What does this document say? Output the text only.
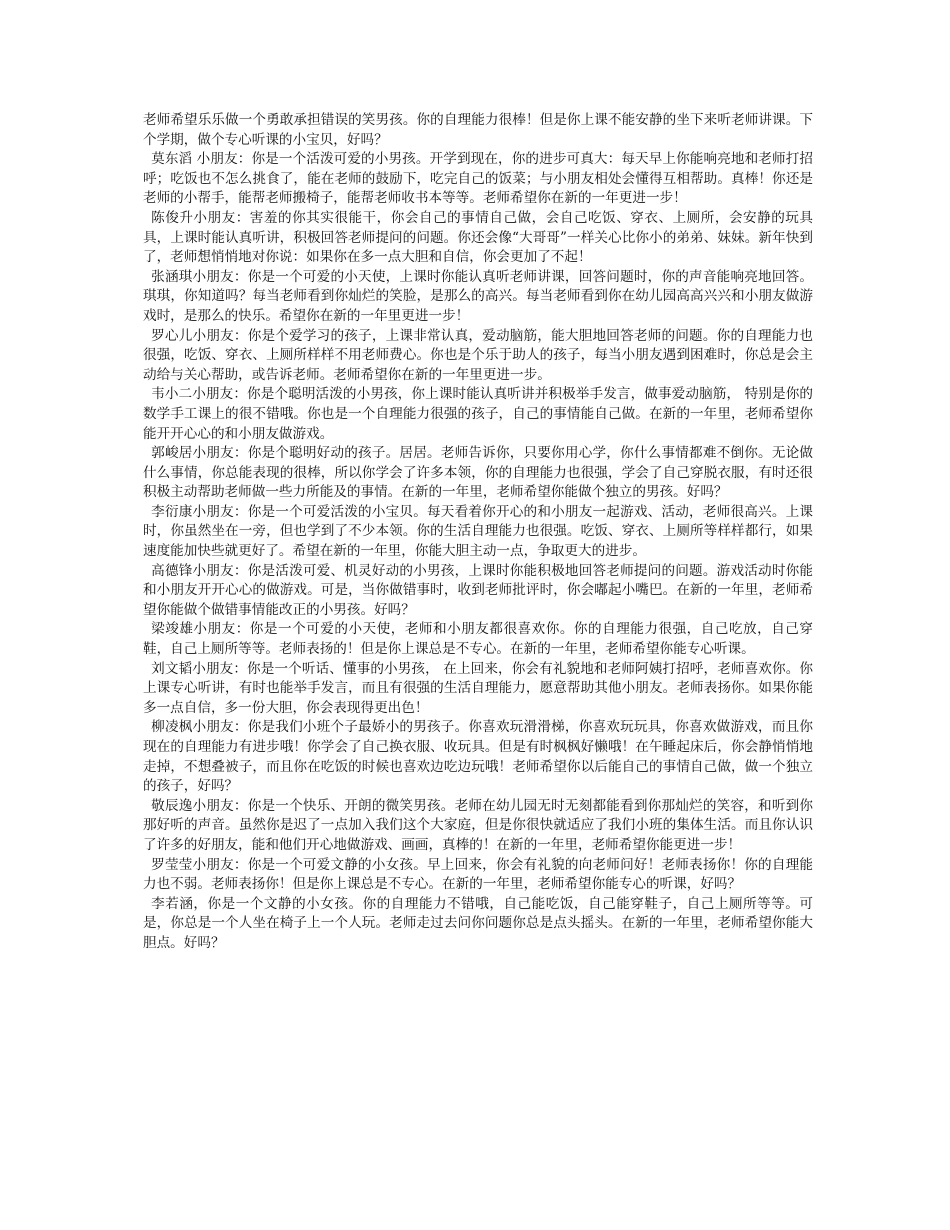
老师希望乐乐做一个勇敢承担错误的笑男孩。你的自理能力很棒！但是你上课不能安静的坐下来听老师讲课。下个学期，做个专心听课的小宝贝，好吗？

莫东滔 小朋友：你是一个活泼可爱的小男孩。开学到现在，你的进步可真大：每天早上你能响亮地和老师打招呼；吃饭也不怎么挑食了，能在老师的鼓励下，吃完自己的饭菜；与小朋友相处会懂得互相帮助。真棒！你还是老师的小帮手，能帮老师搬椅子，能帮老师收书本等等。老师希望你在新的一年更进一步！

陈俊升小朋友：害羞的你其实很能干，你会自己的事情自己做，会自己吃饭、穿衣、上厕所，会安静的玩具具，上课时能认真听讲，积极回答老师提问的问题。你还会像“大哥哥”一样关心比你小的弟弟、妹妹。新年快到了，老师想悄悄地对你说：如果你在多一点大胆和自信，你会更加了不起！

张涵琪小朋友：你是一个可爱的小天使，上课时你能认真听老师讲课，回答问题时，你的声音能响亮地回答。琪琪，你知道吗？每当老师看到你灿烂的笑脸，是那么的高兴。每当老师看到你在幼儿园高高兴兴和小朋友做游戏时，是那么的快乐。希望你在新的一年里更进一步！

罗心儿小朋友：你是个爱学习的孩子，上课非常认真，爱动脑筋，能大胆地回答老师的问题。你的自理能力也很强，吃饭、穿衣、上厕所样样不用老师费心。你也是个乐于助人的孩子，每当小朋友遇到困难时，你总是会主动给与关心帮助，或告诉老师。老师希望你在新的一年里更进一步。

韦小二小朋友：你是个聪明活泼的小男孩，你上课时能认真听讲并积极举手发言，做事爱动脑筋， 特别是你的数学手工课上的很不错哦。你也是一个自理能力很强的孩子，自己的事情能自己做。在新的一年里，老师希望你能开开心心的和小朋友做游戏。

郭峻居小朋友：你是个聪明好动的孩子。居居。老师告诉你，只要你用心学，你什么事情都难不倒你。无论做什么事情，你总能表现的很棒，所以你学会了许多本领，你的自理能力也很强，学会了自己穿脱衣服，有时还很积极主动帮助老师做一些力所能及的事情。在新的一年里，老师希望你能做个独立的男孩。好吗？

李衍康小朋友：你是一个可爱活泼的小宝贝。每天看着你开心的和小朋友一起游戏、活动，老师很高兴。上课时，你虽然坐在一旁，但也学到了不少本领。你的生活自理能力也很强。吃饭、穿衣、上厕所等样样都行，如果速度能加快些就更好了。希望在新的一年里，你能大胆主动一点，争取更大的进步。

高德锋小朋友：你是活泼可爱、机灵好动的小男孩，上课时你能积极地回答老师提问的问题。游戏活动时你能和小朋友开开心心的做游戏。可是，当你做错事时，收到老师批评时，你会嘟起小嘴巴。在新的一年里，老师希望你能做个做错事情能改正的小男孩。好吗？

梁竣雄小朋友：你是一个可爱的小天使，老师和小朋友都很喜欢你。你的自理能力很强，自己吃放，自己穿鞋，自己上厕所等等。老师表扬的！但是你上课总是不专心。在新的一年里，老师希望你能专心听课。

刘文韬小朋友：你是一个听话、懂事的小男孩， 在上回来，你会有礼貌地和老师阿姨打招呼，老师喜欢你。你上课专心听讲，有时也能举手发言，而且有很强的生活自理能力，愿意帮助其他小朋友。老师表扬你。如果你能多一点自信，多一份大胆，你会表现得更出色！

柳凌枫小朋友：你是我们小班个子最娇小的男孩子。你喜欢玩滑滑梯，你喜欢玩玩具，你喜欢做游戏，而且你现在的自理能力有进步哦！你学会了自己换衣服、收玩具。但是有时枫枫好懒哦！在午睡起床后，你会静悄悄地走掉，不想叠被子，而且你在吃饭的时候也喜欢边吃边玩哦！老师希望你以后能自己的事情自己做，做一个独立的孩子，好吗？

敬辰逸小朋友：你是一个快乐、开朗的微笑男孩。老师在幼儿园无时无刻都能看到你那灿烂的笑容，和听到你那好听的声音。虽然你是迟了一点加入我们这个大家庭，但是你很快就适应了我们小班的集体生活。而且你认识了许多的好朋友，能和他们开心地做游戏、画画，真棒的！在新的一年里，老师希望你能更进一步！

罗莹莹小朋友：你是一个可爱文静的小女孩。早上回来，你会有礼貌的向老师问好！老师表扬你！你的自理能力也不弱。老师表扬你！但是你上课总是不专心。在新的一年里，老师希望你能专心的听课，好吗？

李若涵，你是一个文静的小女孩。你的自理能力不错哦，自己能吃饭，自己能穿鞋子，自己上厕所等等。可是，你总是一个人坐在椅子上一个人玩。老师走过去问你问题你总是点头摇头。在新的一年里，老师希望你能大胆点。好吗？
